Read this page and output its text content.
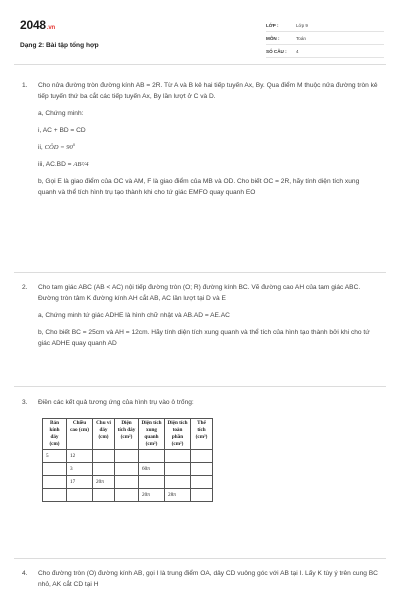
2048.vn
Dạng 2: Bài tập tổng hợp
LỚP :	Lớp 9
MÔN :	Toán
SỐ CÂU :	4
1.	Cho nửa đường tròn đường kính AB = 2R. Từ A và B kẻ hai tiếp tuyến Ax, By. Qua điểm M thuộc nửa đường tròn kẻ tiếp tuyến thứ ba cắt các tiếp tuyến Ax, By lần lượt ở C và D.

a, Chứng minh:

i, AC + BD = CD

ii, CÔD = $90^0$

iii, AC.BD = AB²/4

b, Gọi E là giao điểm của OC và AM, F là giao điểm của MB và OD. Cho biết OC = 2R, hãy tính diện tích xung quanh và thể tích hình trụ tạo thành khi cho tứ giác EMFO quay quanh EO

2.	Cho tam giác ABC (AB < AC) nội tiếp đường tròn (O; R) đường kính BC. Vẽ đường cao AH của tam giác ABC. Đường tròn tâm K đường kính AH cắt AB, AC lần lượt tại D và E

a, Chứng minh tứ giác ADHE là hình chữ nhật và AB.AD = AE.AC

b, Cho biết BC = 25cm và AH = 12cm. Hãy tính diện tích xung quanh và thể tích của hình tạo thành bởi khi cho tứ giác ADHE quay quanh AD

3.	Điền các kết quả tương ứng của hình trụ vào ô trống:

Bán kính đáy (cm)	Chiều cao (cm)	Chu vi đáy (cm)	Diện tích đáy (cm²)	Diện tích xung quanh (cm²)	Diện tích toàn phần (cm²)	Thể tích (cm³)
5	12					
	3			60π		
	17	20π				
				20π	28π	
4.	Cho đường tròn (O) đường kính AB, gọi I là trung điểm OA, dây CD vuông góc với AB tại I. Lấy K tùy ý trên cung BC nhỏ, AK cắt CD tại H
